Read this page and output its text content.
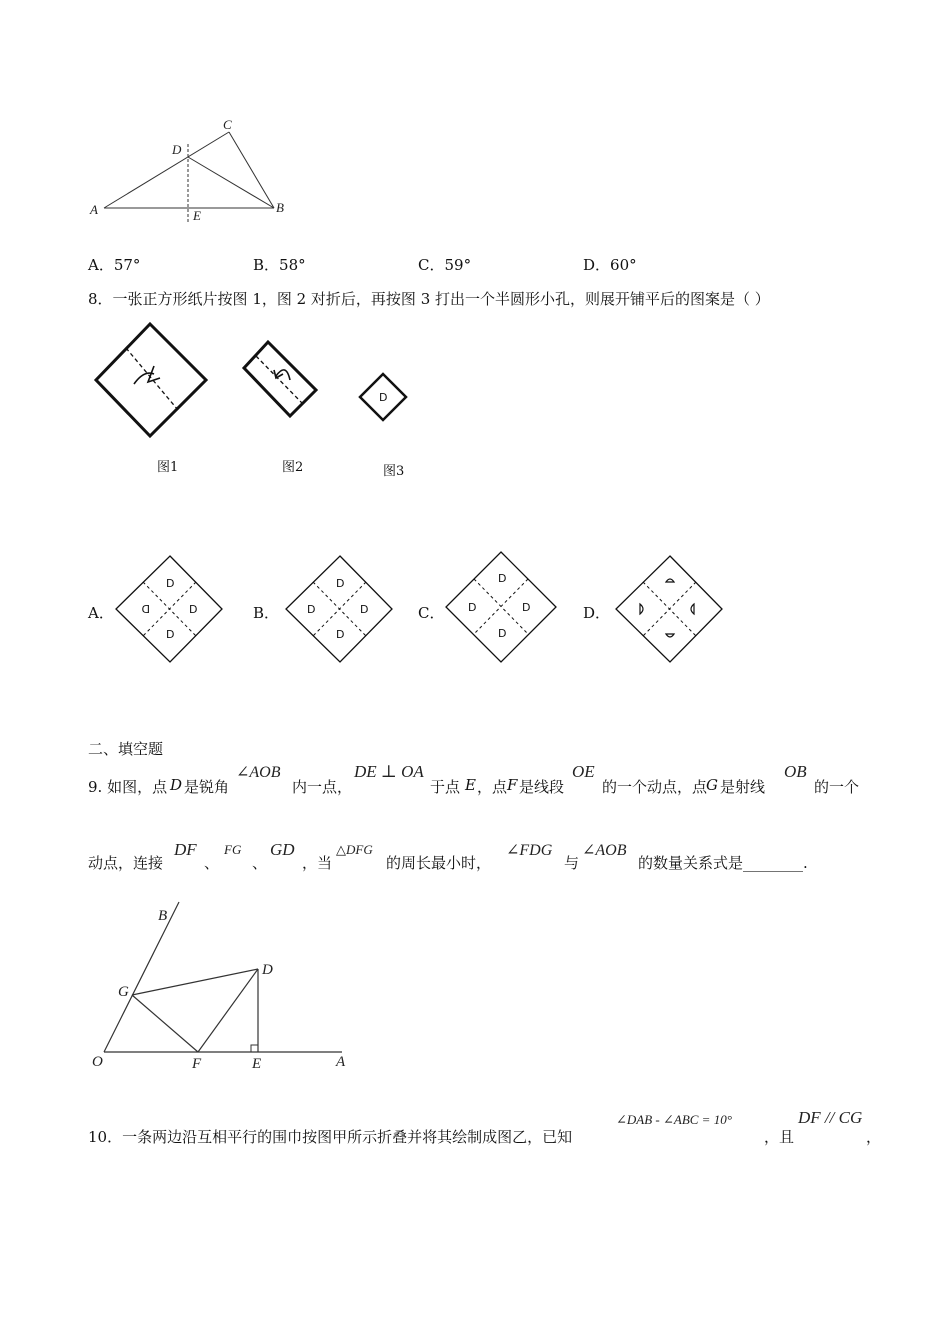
A	B
C
D
E
A．57°	B．58°	C．59°	D．60°
8．一张正方形纸片按图 1，图 2 对折后，再按图 3 打出一个半圆形小孔，则展开铺平后的图案是（ ）
D
图1	图2	图3
A．	B．	C．	D．
D
D
D
D
D
D
D
D
D
D
D
D
二、填空题
9. 如图，点 D 是锐角
∠AOB
内一点，
DE ⊥ OA
于点 E ，点 F 是线段
OE
的一个动点，点
G 是射线
OB
的一个
动点，连接
DF
、
FG
、
GD
，当
△DFG
的周长最小时，
∠FDG
与
∠AOB
的数量关系式是________.
B
D
G
O	F	E	A
10．一条两边沿互相平行的围巾按图甲所示折叠并将其绘制成图乙，已知
∠DAB - ∠ABC = 10°
，且
DF // CG
，
